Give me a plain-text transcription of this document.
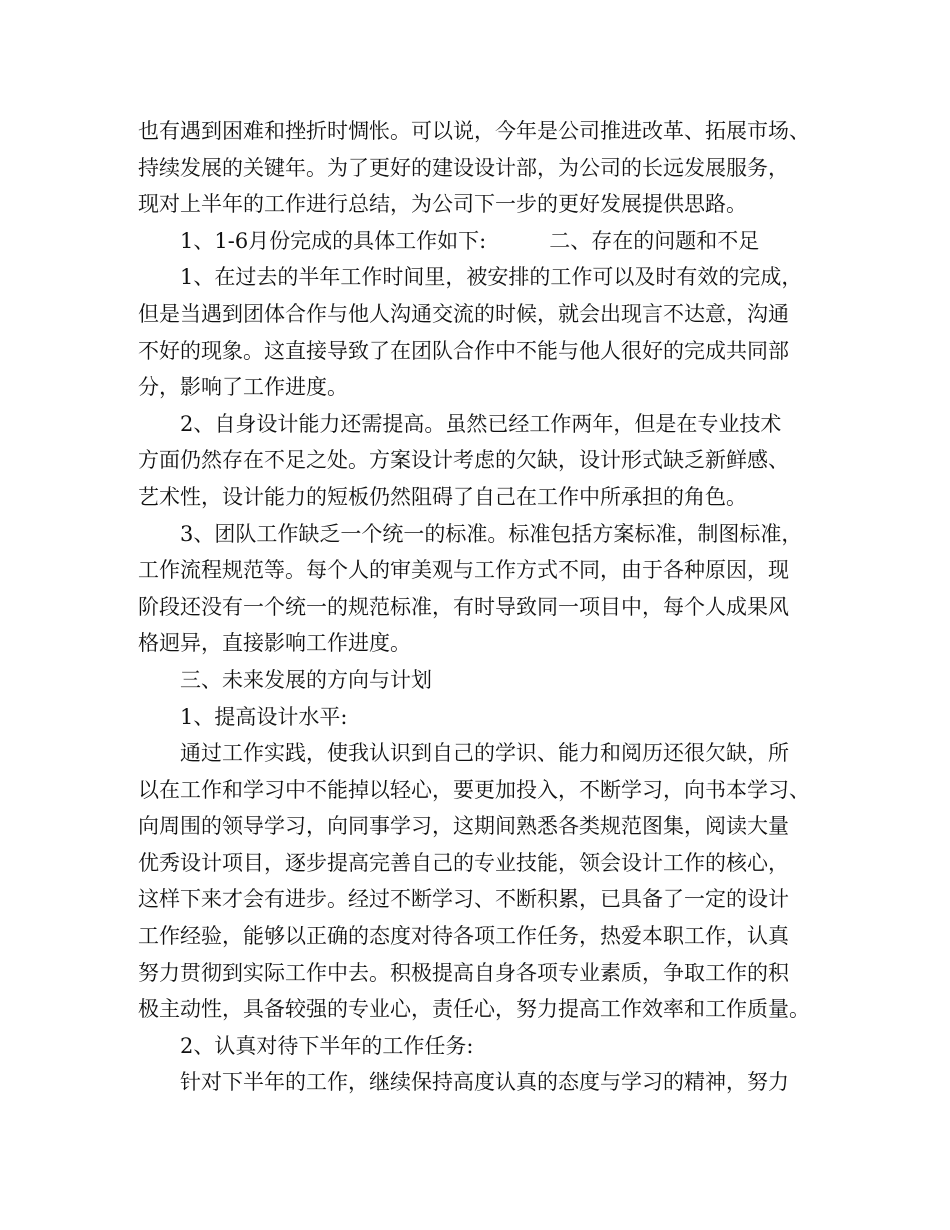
也有遇到困难和挫折时惆怅。可以说，今年是公司推进改革、拓展市场、
持续发展的关键年。为了更好的建设设计部，为公司的长远发展服务，
现对上半年的工作进行总结，为公司下一步的更好发展提供思路。
　　1、1-6月份完成的具体工作如下:　　　二、存在的问题和不足
　　1、在过去的半年工作时间里，被安排的工作可以及时有效的完成，
但是当遇到团体合作与他人沟通交流的时候，就会出现言不达意，沟通
不好的现象。这直接导致了在团队合作中不能与他人很好的完成共同部
分，影响了工作进度。
　　2、自身设计能力还需提高。虽然已经工作两年，但是在专业技术
方面仍然存在不足之处。方案设计考虑的欠缺，设计形式缺乏新鲜感、
艺术性，设计能力的短板仍然阻碍了自己在工作中所承担的角色。
　　3、团队工作缺乏一个统一的标准。标准包括方案标准，制图标准，
工作流程规范等。每个人的审美观与工作方式不同，由于各种原因，现
阶段还没有一个统一的规范标准，有时导致同一项目中，每个人成果风
格迥异，直接影响工作进度。
　　三、未来发展的方向与计划
　　1、提高设计水平:
　　通过工作实践，使我认识到自己的学识、能力和阅历还很欠缺，所
以在工作和学习中不能掉以轻心，要更加投入，不断学习，向书本学习、
向周围的领导学习，向同事学习，这期间熟悉各类规范图集，阅读大量
优秀设计项目，逐步提高完善自己的专业技能，领会设计工作的核心，
这样下来才会有进步。经过不断学习、不断积累，已具备了一定的设计
工作经验，能够以正确的态度对待各项工作任务，热爱本职工作，认真
努力贯彻到实际工作中去。积极提高自身各项专业素质，争取工作的积
极主动性，具备较强的专业心，责任心，努力提高工作效率和工作质量。
　　2、认真对待下半年的工作任务:
　　针对下半年的工作，继续保持高度认真的态度与学习的精神，努力
